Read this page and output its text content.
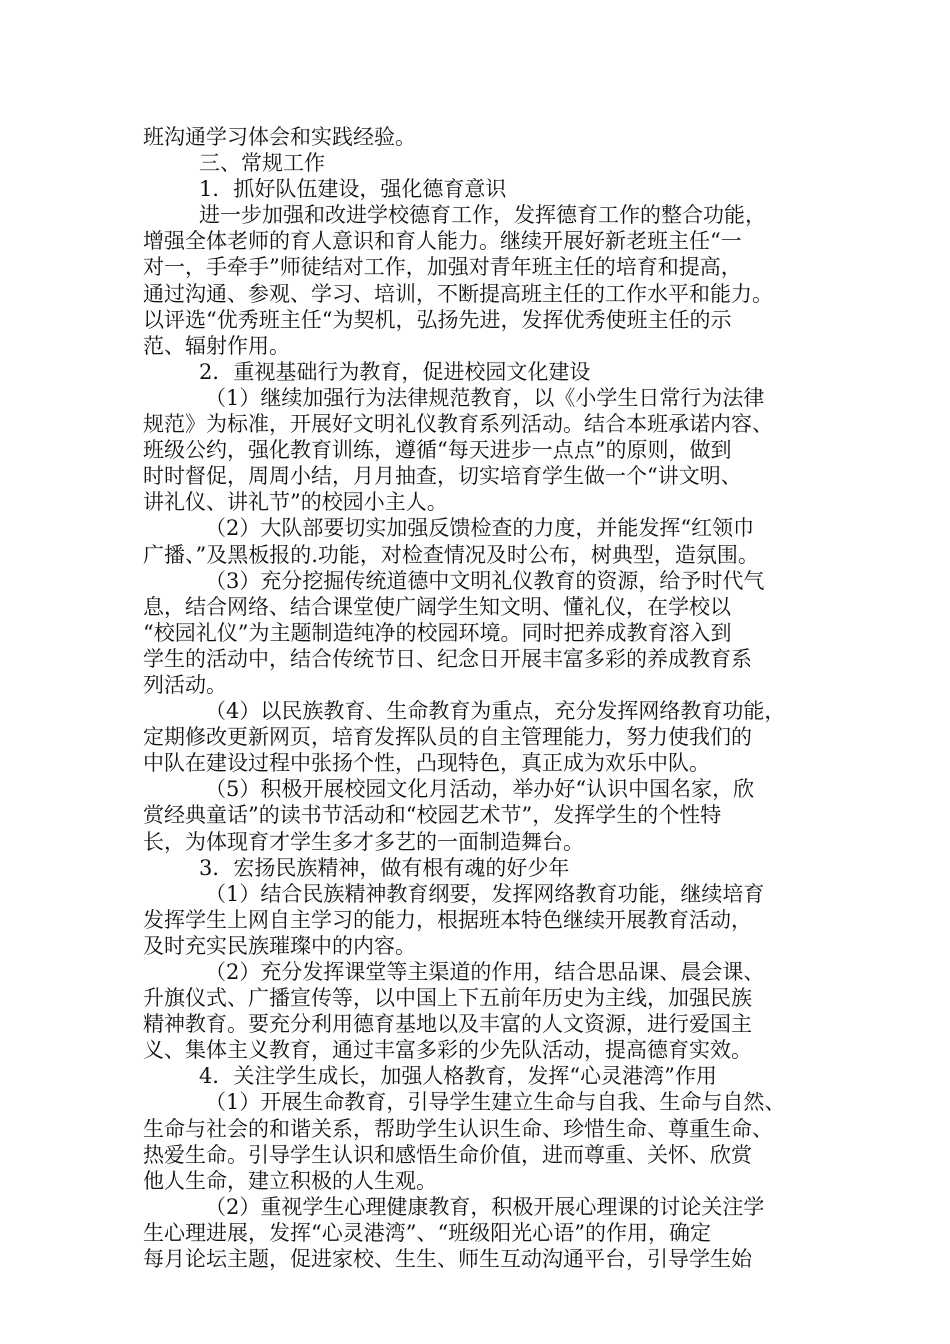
班沟通学习体会和实践经验。
三、常规工作
1．抓好队伍建设，强化德育意识
进一步加强和改进学校德育工作，发挥德育工作的整合功能，
增强全体老师的育人意识和育人能力。继续开展好新老班主任“一
对一，手牵手”师徒结对工作，加强对青年班主任的培育和提高，
通过沟通、参观、学习、培训，不断提高班主任的工作水平和能力。
以评选“优秀班主任“为契机，弘扬先进，发挥优秀使班主任的示
范、辐射作用。
2．重视基础行为教育，促进校园文化建设
（1）继续加强行为法律规范教育，以《小学生日常行为法律
规范》为标准，开展好文明礼仪教育系列活动。结合本班承诺内容、
班级公约，强化教育训练，遵循“每天进步一点点”的原则，做到
时时督促，周周小结，月月抽查，切实培育学生做一个“讲文明、
讲礼仪、讲礼节”的校园小主人。
（2）大队部要切实加强反馈检查的力度，并能发挥“红领巾
广播、”及黑板报的.功能，对检查情况及时公布，树典型，造氛围。
（3）充分挖掘传统道德中文明礼仪教育的资源，给予时代气
息，结合网络、结合课堂使广阔学生知文明、懂礼仪，在学校以
“校园礼仪”为主题制造纯净的校园环境。同时把养成教育溶入到
学生的活动中，结合传统节日、纪念日开展丰富多彩的养成教育系
列活动。
（4）以民族教育、生命教育为重点，充分发挥网络教育功能，
定期修改更新网页，培育发挥队员的自主管理能力，努力使我们的
中队在建设过程中张扬个性，凸现特色，真正成为欢乐中队。
（5）积极开展校园文化月活动，举办好“认识中国名家，欣
赏经典童话”的读书节活动和“校园艺术节”，发挥学生的个性特
长，为体现育才学生多才多艺的一面制造舞台。
3．宏扬民族精神，做有根有魂的好少年
（1）结合民族精神教育纲要，发挥网络教育功能，继续培育
发挥学生上网自主学习的能力，根据班本特色继续开展教育活动，
及时充实民族璀璨中的内容。
（2）充分发挥课堂等主渠道的作用，结合思品课、晨会课、
升旗仪式、广播宣传等，以中国上下五前年历史为主线，加强民族
精神教育。要充分利用德育基地以及丰富的人文资源，进行爱国主
义、集体主义教育，通过丰富多彩的少先队活动，提高德育实效。
4．关注学生成长，加强人格教育，发挥“心灵港湾”作用
（1）开展生命教育，引导学生建立生命与自我、生命与自然、
生命与社会的和谐关系，帮助学生认识生命、珍惜生命、尊重生命、
热爱生命。引导学生认识和感悟生命价值，进而尊重、关怀、欣赏
他人生命，建立积极的人生观。
（2）重视学生心理健康教育，积极开展心理课的讨论关注学
生心理进展，发挥“心灵港湾”、“班级阳光心语”的作用，确定
每月论坛主题，促进家校、生生、师生互动沟通平台，引导学生始
